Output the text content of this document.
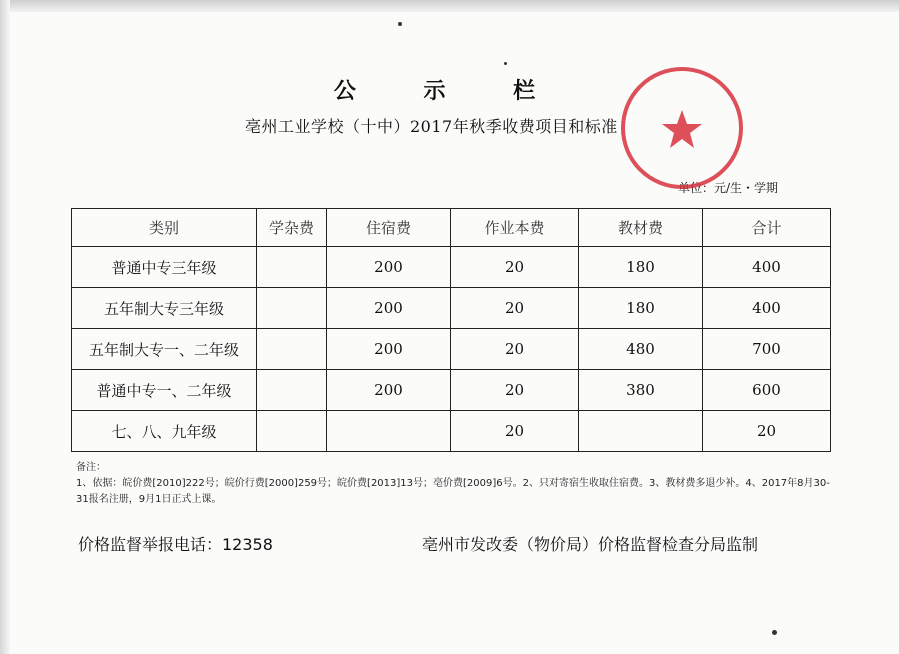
公 示 栏
亳州工业学校（十中）2017年秋季收费项目和标准
单位：元/生・学期
类别	学杂费	住宿费	作业本费	教材费	合计
普通中专三年级		200	20	180	400
五年制大专三年级		200	20	180	400
五年制大专一、二年级		200	20	480	700
普通中专一、二年级		200	20	380	600
七、八、九年级			20		20
备注：
1、依据：皖价费[2010]222号；皖价行费[2000]259号；皖价费[2013]13号；亳价费[2009]6号。2、只对寄宿生收取住宿费。3、教材费多退少补。4、2017年8月30-31报名注册，9月1日正式上课。
价格监督举报电话：12358	亳州市发改委（物价局）价格监督检查分局监制
